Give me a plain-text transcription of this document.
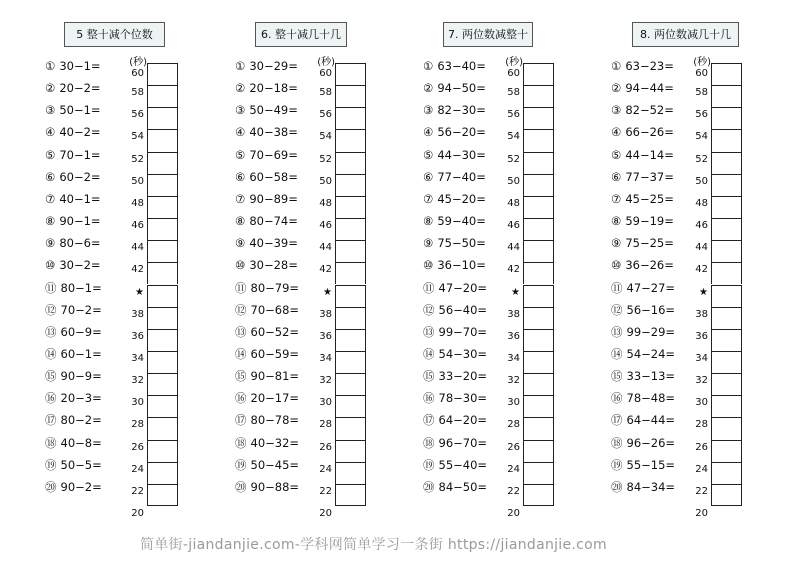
5 整十减个位数
(秒)
① 30−1=
② 20−2=
③ 50−1=
④ 40−2=
⑤ 70−1=
⑥ 60−2=
⑦ 40−1=
⑧ 90−1=
⑨ 80−6=
⑩ 30−2=
⑪ 80−1=
⑫ 70−2=
⑬ 60−9=
⑭ 60−1=
⑮ 90−9=
⑯ 20−3=
⑰ 80−2=
⑱ 40−8=
⑲ 50−5=
⑳ 90−2=
60
58
56
54
52
50
48
46
44
42
★
38
36
34
32
30
28
26
24
22
20
6. 整十减几十几
(秒)
① 30−29=
② 20−18=
③ 50−49=
④ 40−38=
⑤ 70−69=
⑥ 60−58=
⑦ 90−89=
⑧ 80−74=
⑨ 40−39=
⑩ 30−28=
⑪ 80−79=
⑫ 70−68=
⑬ 60−52=
⑭ 60−59=
⑮ 90−81=
⑯ 20−17=
⑰ 80−78=
⑱ 40−32=
⑲ 50−45=
⑳ 90−88=
60
58
56
54
52
50
48
46
44
42
★
38
36
34
32
30
28
26
24
22
20
7. 两位数减整十
(秒)
① 63−40=
② 94−50=
③ 82−30=
④ 56−20=
⑤ 44−30=
⑥ 77−40=
⑦ 45−20=
⑧ 59−40=
⑨ 75−50=
⑩ 36−10=
⑪ 47−20=
⑫ 56−40=
⑬ 99−70=
⑭ 54−30=
⑮ 33−20=
⑯ 78−30=
⑰ 64−20=
⑱ 96−70=
⑲ 55−40=
⑳ 84−50=
60
58
56
54
52
50
48
46
44
42
★
38
36
34
32
30
28
26
24
22
20
8. 两位数减几十几
(秒)
① 63−23=
② 94−44=
③ 82−52=
④ 66−26=
⑤ 44−14=
⑥ 77−37=
⑦ 45−25=
⑧ 59−19=
⑨ 75−25=
⑩ 36−26=
⑪ 47−27=
⑫ 56−16=
⑬ 99−29=
⑭ 54−24=
⑮ 33−13=
⑯ 78−48=
⑰ 64−44=
⑱ 96−26=
⑲ 55−15=
⑳ 84−34=
60
58
56
54
52
50
48
46
44
42
★
38
36
34
32
30
28
26
24
22
20
简单街-jiandanjie.com-学科网简单学习一条街 https://jiandanjie.com
